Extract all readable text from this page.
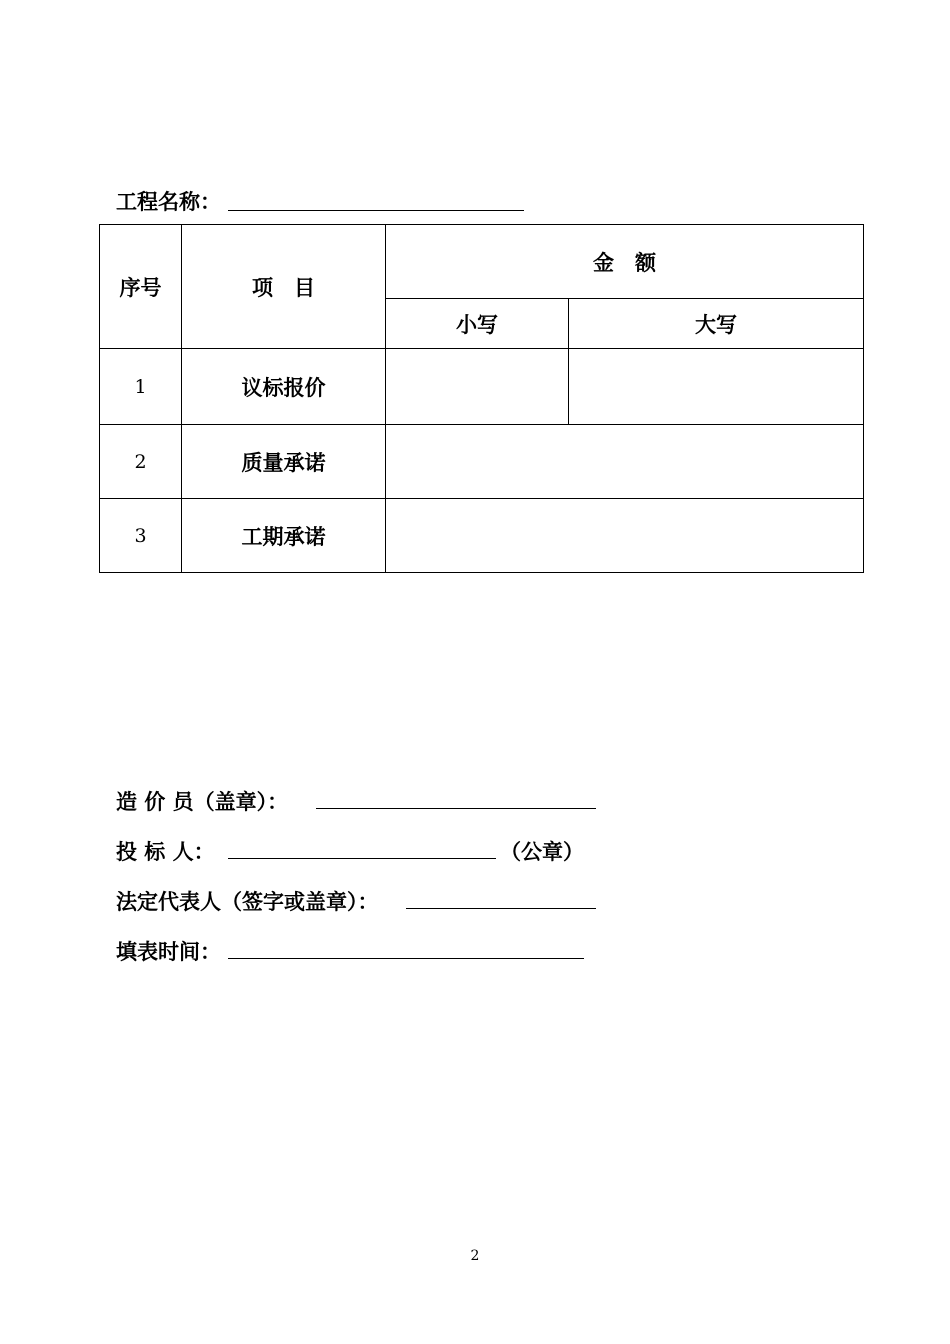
工程名称：
序号	项　目	金　额	
		小写	大写
1	议标报价		
2	质量承诺		
3	工期承诺		
造 价 员（盖章）：
投 标 人：	（公章）
法定代表人（签字或盖章）：
填表时间：
2
